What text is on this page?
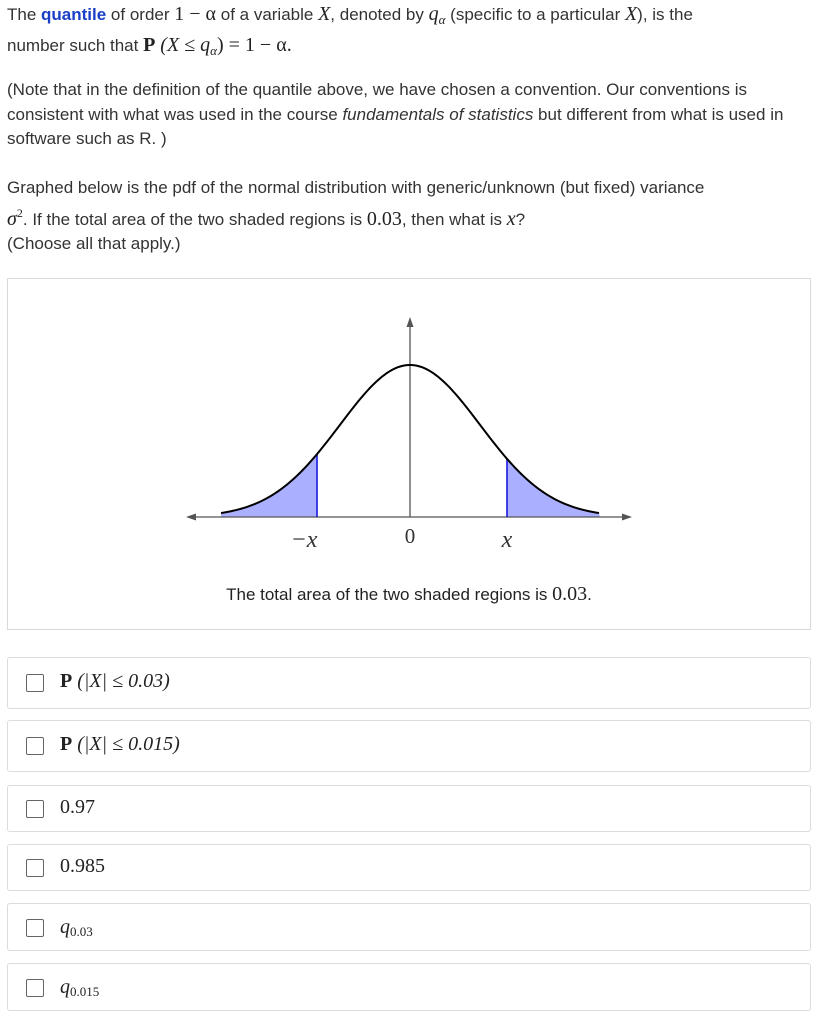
The quantile of order 1 − α of a variable X, denoted by $q_\alpha$ (specific to a particular X), is the
number such that P $(X \le q_\alpha) = 1 - \alpha$.
(Note that in the definition of the quantile above, we have chosen a convention. Our conventions is consistent with what was used in the course fundamentals of statistics but different from what is used in software such as R. )
Graphed below is the pdf of the normal distribution with generic/unknown (but fixed) variance
$\sigma^2$. If the total area of the two shaded regions is 0.03, then what is x?
(Choose all that apply.)
−x	0	x
The total area of the two shaded regions is 0.03.
P (|X| ≤ 0.03)
P (|X| ≤ 0.015)
0.97
0.985
q0.03
q0.015
